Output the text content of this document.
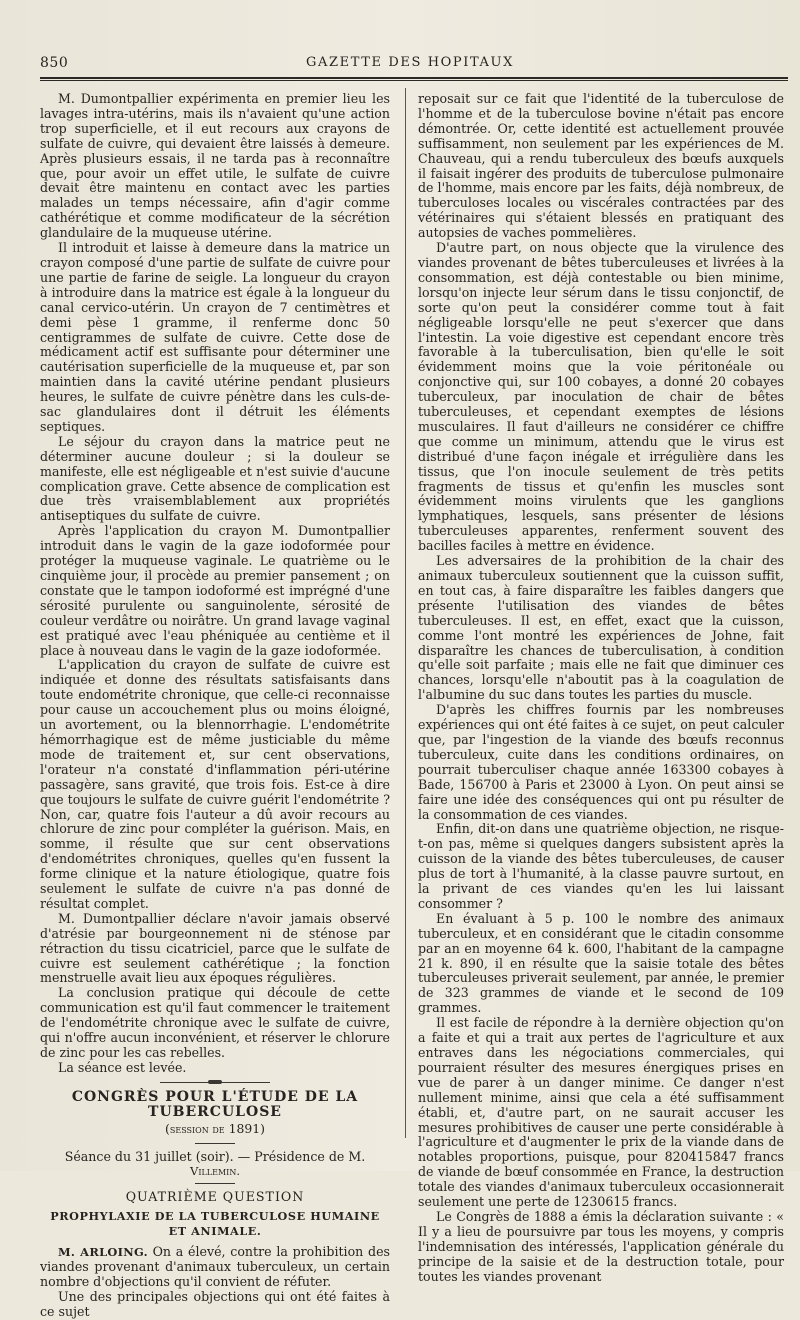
850	GAZETTE DES HOPITAUX

M. Dumontpallier expérimenta en premier lieu les lavages intra-utérins, mais ils n'avaient qu'une action trop superficielle, et il eut recours aux crayons de sulfate de cuivre, qui devaient être laissés à demeure. Après plusieurs essais, il ne tarda pas à reconnaître que, pour avoir un effet utile, le sulfate de cuivre devait être maintenu en contact avec les parties malades un temps nécessaire, afin d'agir comme cathérétique et comme modificateur de la sécrétion glandulaire de la muqueuse utérine.

Il introduit et laisse à demeure dans la matrice un crayon composé d'une partie de sulfate de cuivre pour une partie de farine de seigle. La longueur du crayon à introduire dans la matrice est égale à la longueur du canal cervico-utérin. Un crayon de 7 centimètres et demi pèse 1 gramme, il renferme donc 50 centigrammes de sulfate de cuivre. Cette dose de médicament actif est suffisante pour déterminer une cautérisation superficielle de la muqueuse et, par son maintien dans la cavité utérine pendant plusieurs heures, le sulfate de cuivre pénètre dans les culs-de-sac glandulaires dont il détruit les éléments septiques.

Le séjour du crayon dans la matrice peut ne déterminer aucune douleur ; si la douleur se manifeste, elle est négligeable et n'est suivie d'aucune complication grave. Cette absence de complication est due très vraisemblablement aux propriétés antiseptiques du sulfate de cuivre.

Après l'application du crayon M. Dumontpallier introduit dans le vagin de la gaze iodoformée pour protéger la muqueuse vaginale. Le quatrième ou le cinquième jour, il procède au premier pansement ; on constate que le tampon iodoformé est imprégné d'une sérosité purulente ou sanguinolente, sérosité de couleur verdâtre ou noirâtre. Un grand lavage vaginal est pratiqué avec l'eau phéniquée au centième et il place à nouveau dans le vagin de la gaze iodoformée.

L'application du crayon de sulfate de cuivre est indiquée et donne des résultats satisfaisants dans toute endométrite chronique, que celle-ci reconnaisse pour cause un accouchement plus ou moins éloigné, un avortement, ou la blennorrhagie. L'endométrite hémorrhagique est de même justiciable du même mode de traitement et, sur cent observations, l'orateur n'a constaté d'inflammation péri-utérine passagère, sans gravité, que trois fois. Est-ce à dire que toujours le sulfate de cuivre guérit l'endométrite ? Non, car, quatre fois l'auteur a dû avoir recours au chlorure de zinc pour compléter la guérison. Mais, en somme, il résulte que sur cent observations d'endométrites chroniques, quelles qu'en fussent la forme clinique et la nature étiologique, quatre fois seulement le sulfate de cuivre n'a pas donné de résultat complet.

M. Dumontpallier déclare n'avoir jamais observé d'atrésie par bourgeonnement ni de sténose par rétraction du tissu cicatriciel, parce que le sulfate de cuivre est seulement cathérétique ; la fonction menstruelle avait lieu aux époques régulières.

La conclusion pratique qui découle de cette communication est qu'il faut commencer le traitement de l'endométrite chronique avec le sulfate de cuivre, qui n'offre aucun inconvénient, et réserver le chlorure de zinc pour les cas rebelles.

La séance est levée.

CONGRÈS POUR L'ÉTUDE DE LA TUBERCULOSE
(session de 1891)
Séance du 31 juillet (soir). — Présidence de M. Villemin.
QUATRIÈME QUESTION
PROPHYLAXIE DE LA TUBERCULOSE HUMAINE
ET ANIMALE.

M. ARLOING. On a élevé, contre la prohibition des viandes provenant d'animaux tuberculeux, un certain nombre d'objections qu'il convient de réfuter.

Une des principales objections qui ont été faites à ce sujet

reposait sur ce fait que l'identité de la tuberculose de l'homme et de la tuberculose bovine n'était pas encore démontrée. Or, cette identité est actuellement prouvée suffisamment, non seulement par les expériences de M. Chauveau, qui a rendu tuberculeux des bœufs auxquels il faisait ingérer des produits de tuberculose pulmonaire de l'homme, mais encore par les faits, déjà nombreux, de tuberculoses locales ou viscérales contractées par des vétérinaires qui s'étaient blessés en pratiquant des autopsies de vaches pommelières.

D'autre part, on nous objecte que la virulence des viandes provenant de bêtes tuberculeuses et livrées à la consommation, est déjà contestable ou bien minime, lorsqu'on injecte leur sérum dans le tissu conjonctif, de sorte qu'on peut la considérer comme tout à fait négligeable lorsqu'elle ne peut s'exercer que dans l'intestin. La voie digestive est cependant encore très favorable à la tuberculisation, bien qu'elle le soit évidemment moins que la voie péritonéale ou conjonctive qui, sur 100 cobayes, a donné 20 cobayes tuberculeux, par inoculation de chair de bêtes tuberculeuses, et cependant exemptes de lésions musculaires. Il faut d'ailleurs ne considérer ce chiffre que comme un minimum, attendu que le virus est distribué d'une façon inégale et irrégulière dans les tissus, que l'on inocule seulement de très petits fragments de tissus et qu'enfin les muscles sont évidemment moins virulents que les ganglions lymphatiques, lesquels, sans présenter de lésions tuberculeuses apparentes, renferment souvent des bacilles faciles à mettre en évidence.

Les adversaires de la prohibition de la chair des animaux tuberculeux soutiennent que la cuisson suffit, en tout cas, à faire disparaître les faibles dangers que présente l'utilisation des viandes de bêtes tuberculeuses. Il est, en effet, exact que la cuisson, comme l'ont montré les expériences de Johne, fait disparaître les chances de tuberculisation, à condition qu'elle soit parfaite ; mais elle ne fait que diminuer ces chances, lorsqu'elle n'aboutit pas à la coagulation de l'albumine du suc dans toutes les parties du muscle.

D'après les chiffres fournis par les nombreuses expériences qui ont été faites à ce sujet, on peut calculer que, par l'ingestion de la viande des bœufs reconnus tuberculeux, cuite dans les conditions ordinaires, on pourrait tuberculiser chaque année 163300 cobayes à Bade, 156700 à Paris et 23000 à Lyon. On peut ainsi se faire une idée des conséquences qui ont pu résulter de la consommation de ces viandes.

Enfin, dit-on dans une quatrième objection, ne risque-t-on pas, même si quelques dangers subsistent après la cuisson de la viande des bêtes tuberculeuses, de causer plus de tort à l'humanité, à la classe pauvre surtout, en la privant de ces viandes qu'en les lui laissant consommer ?

En évaluant à 5 p. 100 le nombre des animaux tuberculeux, et en considérant que le citadin consomme par an en moyenne 64 k. 600, l'habitant de la campagne 21 k. 890, il en résulte que la saisie totale des bêtes tuberculeuses priverait seulement, par année, le premier de 323 grammes de viande et le second de 109 grammes.

Il est facile de répondre à la dernière objection qu'on a faite et qui a trait aux pertes de l'agriculture et aux entraves dans les négociations commerciales, qui pourraient résulter des mesures énergiques prises en vue de parer à un danger minime. Ce danger n'est nullement minime, ainsi que cela a été suffisamment établi, et, d'autre part, on ne saurait accuser les mesures prohibitives de causer une perte considérable à l'agriculture et d'augmenter le prix de la viande dans de notables proportions, puisque, pour 820415847 francs de viande de bœuf consommée en France, la destruction totale des viandes d'animaux tuberculeux occasionnerait seulement une perte de 1230615 francs.

Le Congrès de 1888 a émis la déclaration suivante : « Il y a lieu de poursuivre par tous les moyens, y compris l'indemnisation des intéressés, l'application générale du principe de la saisie et de la destruction totale, pour toutes les viandes provenant
